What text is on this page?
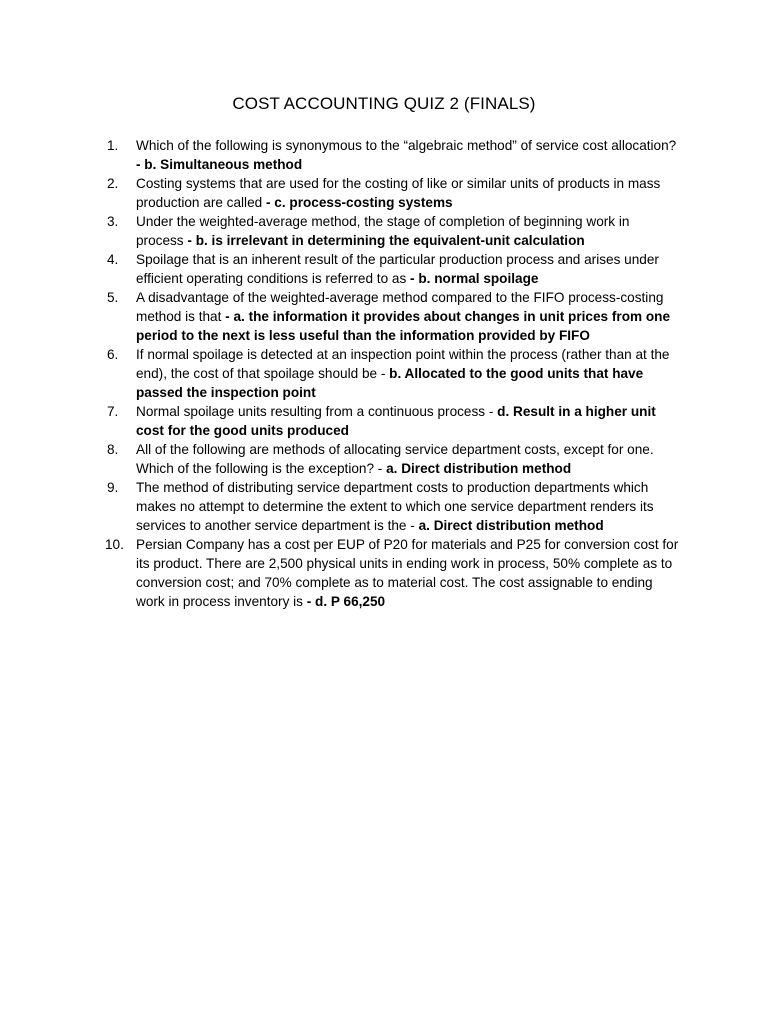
COST ACCOUNTING QUIZ 2 (FINALS)
1.	Which of the following is synonymous to the “algebraic method” of service cost allocation? - b. Simultaneous method
2.	Costing systems that are used for the costing of like or similar units of products in mass production are called - c. process-costing systems
3.	Under the weighted-average method, the stage of completion of beginning work in process - b. is irrelevant in determining the equivalent-unit calculation
4.	Spoilage that is an inherent result of the particular production process and arises under efficient operating conditions is referred to as - b. normal spoilage
5.	A disadvantage of the weighted-average method compared to the FIFO process-costing method is that - a. the information it provides about changes in unit prices from one period to the next is less useful than the information provided by FIFO
6.	If normal spoilage is detected at an inspection point within the process (rather than at the end), the cost of that spoilage should be - b. Allocated to the good units that have passed the inspection point
7.	Normal spoilage units resulting from a continuous process - d. Result in a higher unit cost for the good units produced
8.	All of the following are methods of allocating service department costs, except for one. Which of the following is the exception? - a. Direct distribution method
9.	The method of distributing service department costs to production departments which makes no attempt to determine the extent to which one service department renders its services to another service department is the - a. Direct distribution method
10. Persian Company has a cost per EUP of P20 for materials and P25 for conversion cost for its product. There are 2,500 physical units in ending work in process, 50% complete as to conversion cost; and 70% complete as to material cost. The cost assignable to ending work in process inventory is - d. P 66,250
